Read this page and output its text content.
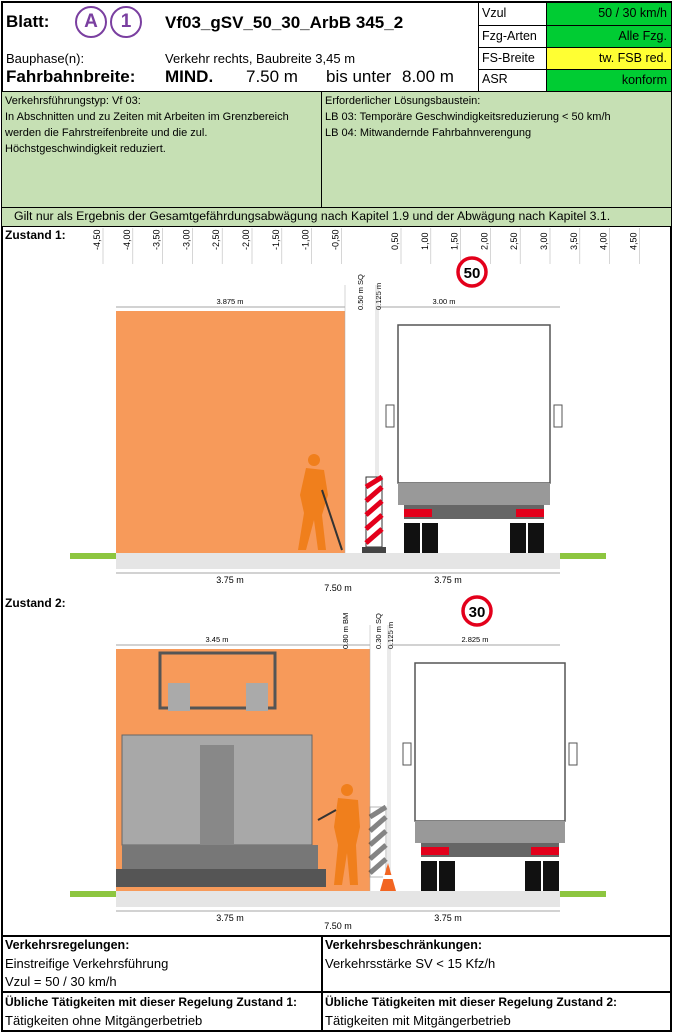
Blatt:	A	1	Vf03_gSV_50_30_ArbB 345_2
Bauphase(n):	Verkehr rechts, Baubreite 3,45 m
Fahrbahnbreite: MIND. 7.50 m bis unter 8.00 m
Vzul	50 / 30 km/h
Fzg-Arten	Alle Fzg.
FS-Breite	tw. FSB red.
ASR	konform
Verkehrsführungstyp: Vf 03:
In Abschnitten und zu Zeiten mit Arbeiten im Grenzbereich
werden die Fahrstreifenbreite und die zul.
Höchstgeschwindigkeit reduziert.
Erforderlicher Lösungsbaustein:
LB 03: Temporäre Geschwindigkeitsreduzierung < 50 km/h
LB 04: Mitwandernde Fahrbahnverengung
Gilt nur als Ergebnis der Gesamtgefährdungsabwägung nach Kapitel 1.9 und der Abwägung nach Kapitel 3.1.
Zustand 1:	-4,50 -4,00 -3,50 -3,00 -2,50 -2,00 -1,50 -1,00 -0,50	0,50 1,00 1,50 2,00 2,50 3,00 3,50 4,00 4,50
50
3.875 m	3.00 m
0.50 m SQ 0.125 m
3.75 m	3.75 m
7.50 m
Zustand 2:
30
3.45 m	2.825 m
0.80 m BM	0.30 m SQ 0.125 m
3.75 m	3.75 m
7.50 m
Verkehrsregelungen:
Einstreifige Verkehrsführung
Vzul = 50 / 30 km/h
Verkehrsbeschränkungen:
Verkehrsstärke SV < 15 Kfz/h
Übliche Tätigkeiten mit dieser Regelung Zustand 1:
Tätigkeiten ohne Mitgängerbetrieb
Übliche Tätigkeiten mit dieser Regelung Zustand 2:
Tätigkeiten mit Mitgängerbetrieb
